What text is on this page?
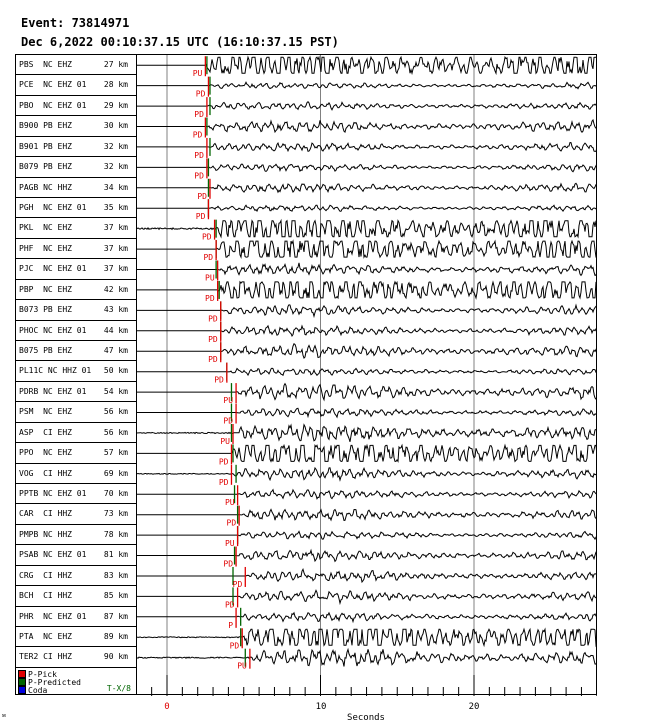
Event: 73814971
Dec 6,2022 00:10:37.15 UTC (16:10:37.15 PST)
PBS  NC EHZ	27 km
PCE  NC EHZ 01 28 km
PBO  NC EHZ 01 29 km
B900 PB EHZ	30 km
B901 PB EHZ	32 km
B079 PB EHZ	32 km
PAGB NC HHZ	34 km
PGH  NC EHZ 01 35 km
PKL  NC EHZ	37 km
PHF  NC EHZ	37 km
PJC  NC EHZ 01 37 km
PBP  NC EHZ	42 km
B073 PB EHZ	43 km
PHOC NC EHZ 01 44 km
B075 PB EHZ	47 km
PL11C NC HHZ 01 50 km
PDRB NC EHZ 01 54 km
PSM  NC EHZ	56 km
ASP  CI EHZ	56 km
PPO  NC EHZ	57 km
VOG  CI HHZ	69 km
PPTB NC EHZ 01 70 km
CAR  CI HHZ	73 km
PMPB NC HHZ	78 km
PSAB NC EHZ 01 81 km
CRG  CI HHZ	83 km
BCH  CI HHZ	85 km
PHR  NC EHZ 01 87 km
PTA  NC EHZ	89 km
TER2 CI HHZ	90 km
P-Pick
P-Predicted
Coda	T-X/8
PU
PD
PD
PD
PD
PD
PD
PD
PD
PD
PU
PD
PD
PD
PD
PD
PU
PD
PU
PD
PD
PU
PD
PU
PD
PD
PD
P
PD
PU
0	10	20
Seconds
ᴍ
